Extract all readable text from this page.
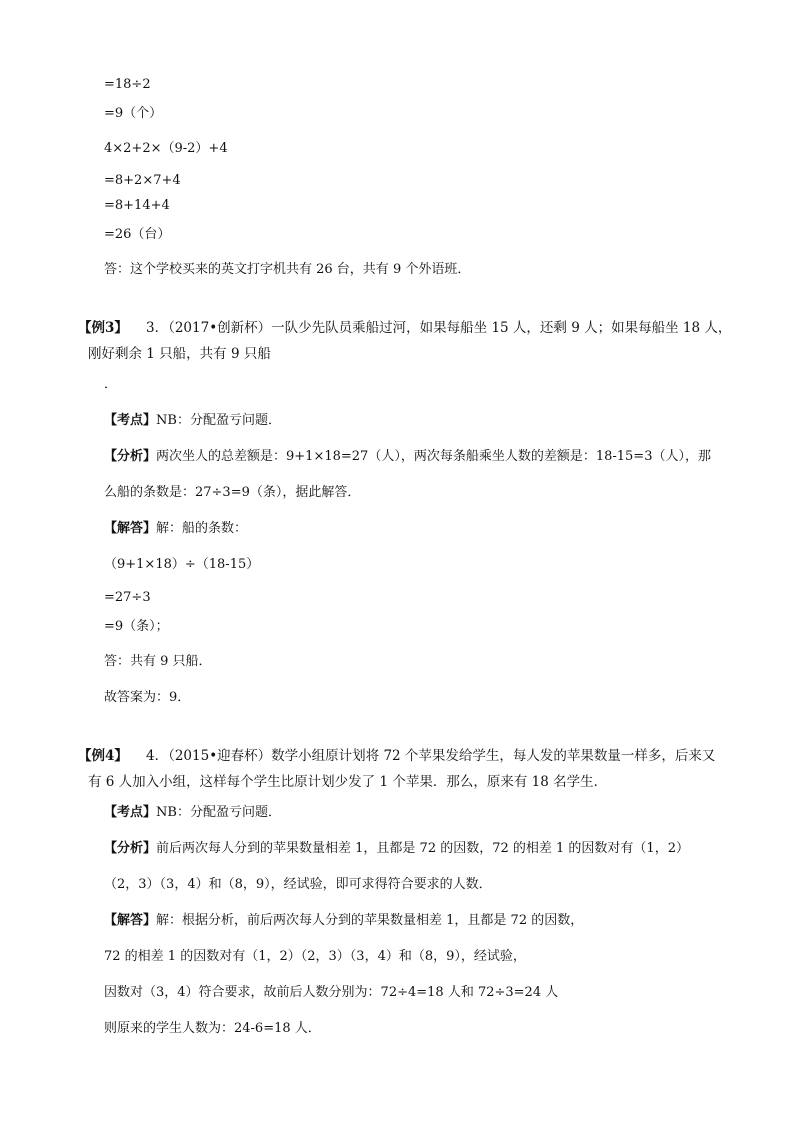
=18÷2
=9（个）
4×2+2×（9-2）+4
=8+2×7+4
=8+14+4
=26（台）
答：这个学校买来的英文打字机共有 26 台，共有 9 个外语班．
【例3】 3．（2017•创新杯）一队少先队员乘船过河，如果每船坐 15 人，还剩 9 人；如果每船坐 18 人，
刚好剩余 1 只船，共有 9 只船
．
【考点】NB：分配盈亏问题．
【分析】两次坐人的总差额是：9+1×18=27（人），两次每条船乘坐人数的差额是：18-15=3（人），那
么船的条数是：27÷3=9（条），据此解答．
【解答】解：船的条数：
（9+1×18）÷（18-15）
=27÷3
=9（条）；
答：共有 9 只船．
故答案为：9．
【例4】 4．（2015•迎春杯）数学小组原计划将 72 个苹果发给学生，每人发的苹果数量一样多，后来又
有 6 人加入小组，这样每个学生比原计划少发了 1 个苹果．那么，原来有 18 名学生．
【考点】NB：分配盈亏问题．
【分析】前后两次每人分到的苹果数量相差 1，且都是 72 的因数，72 的相差 1 的因数对有（1，2）
（2，3）（3，4）和（8，9），经试验，即可求得符合要求的人数．
【解答】解：根据分析，前后两次每人分到的苹果数量相差 1，且都是 72 的因数，
72 的相差 1 的因数对有（1，2）（2，3）（3，4）和（8，9），经试验，
因数对（3，4）符合要求，故前后人数分别为：72÷4=18 人和 72÷3=24 人
则原来的学生人数为：24-6=18 人．
